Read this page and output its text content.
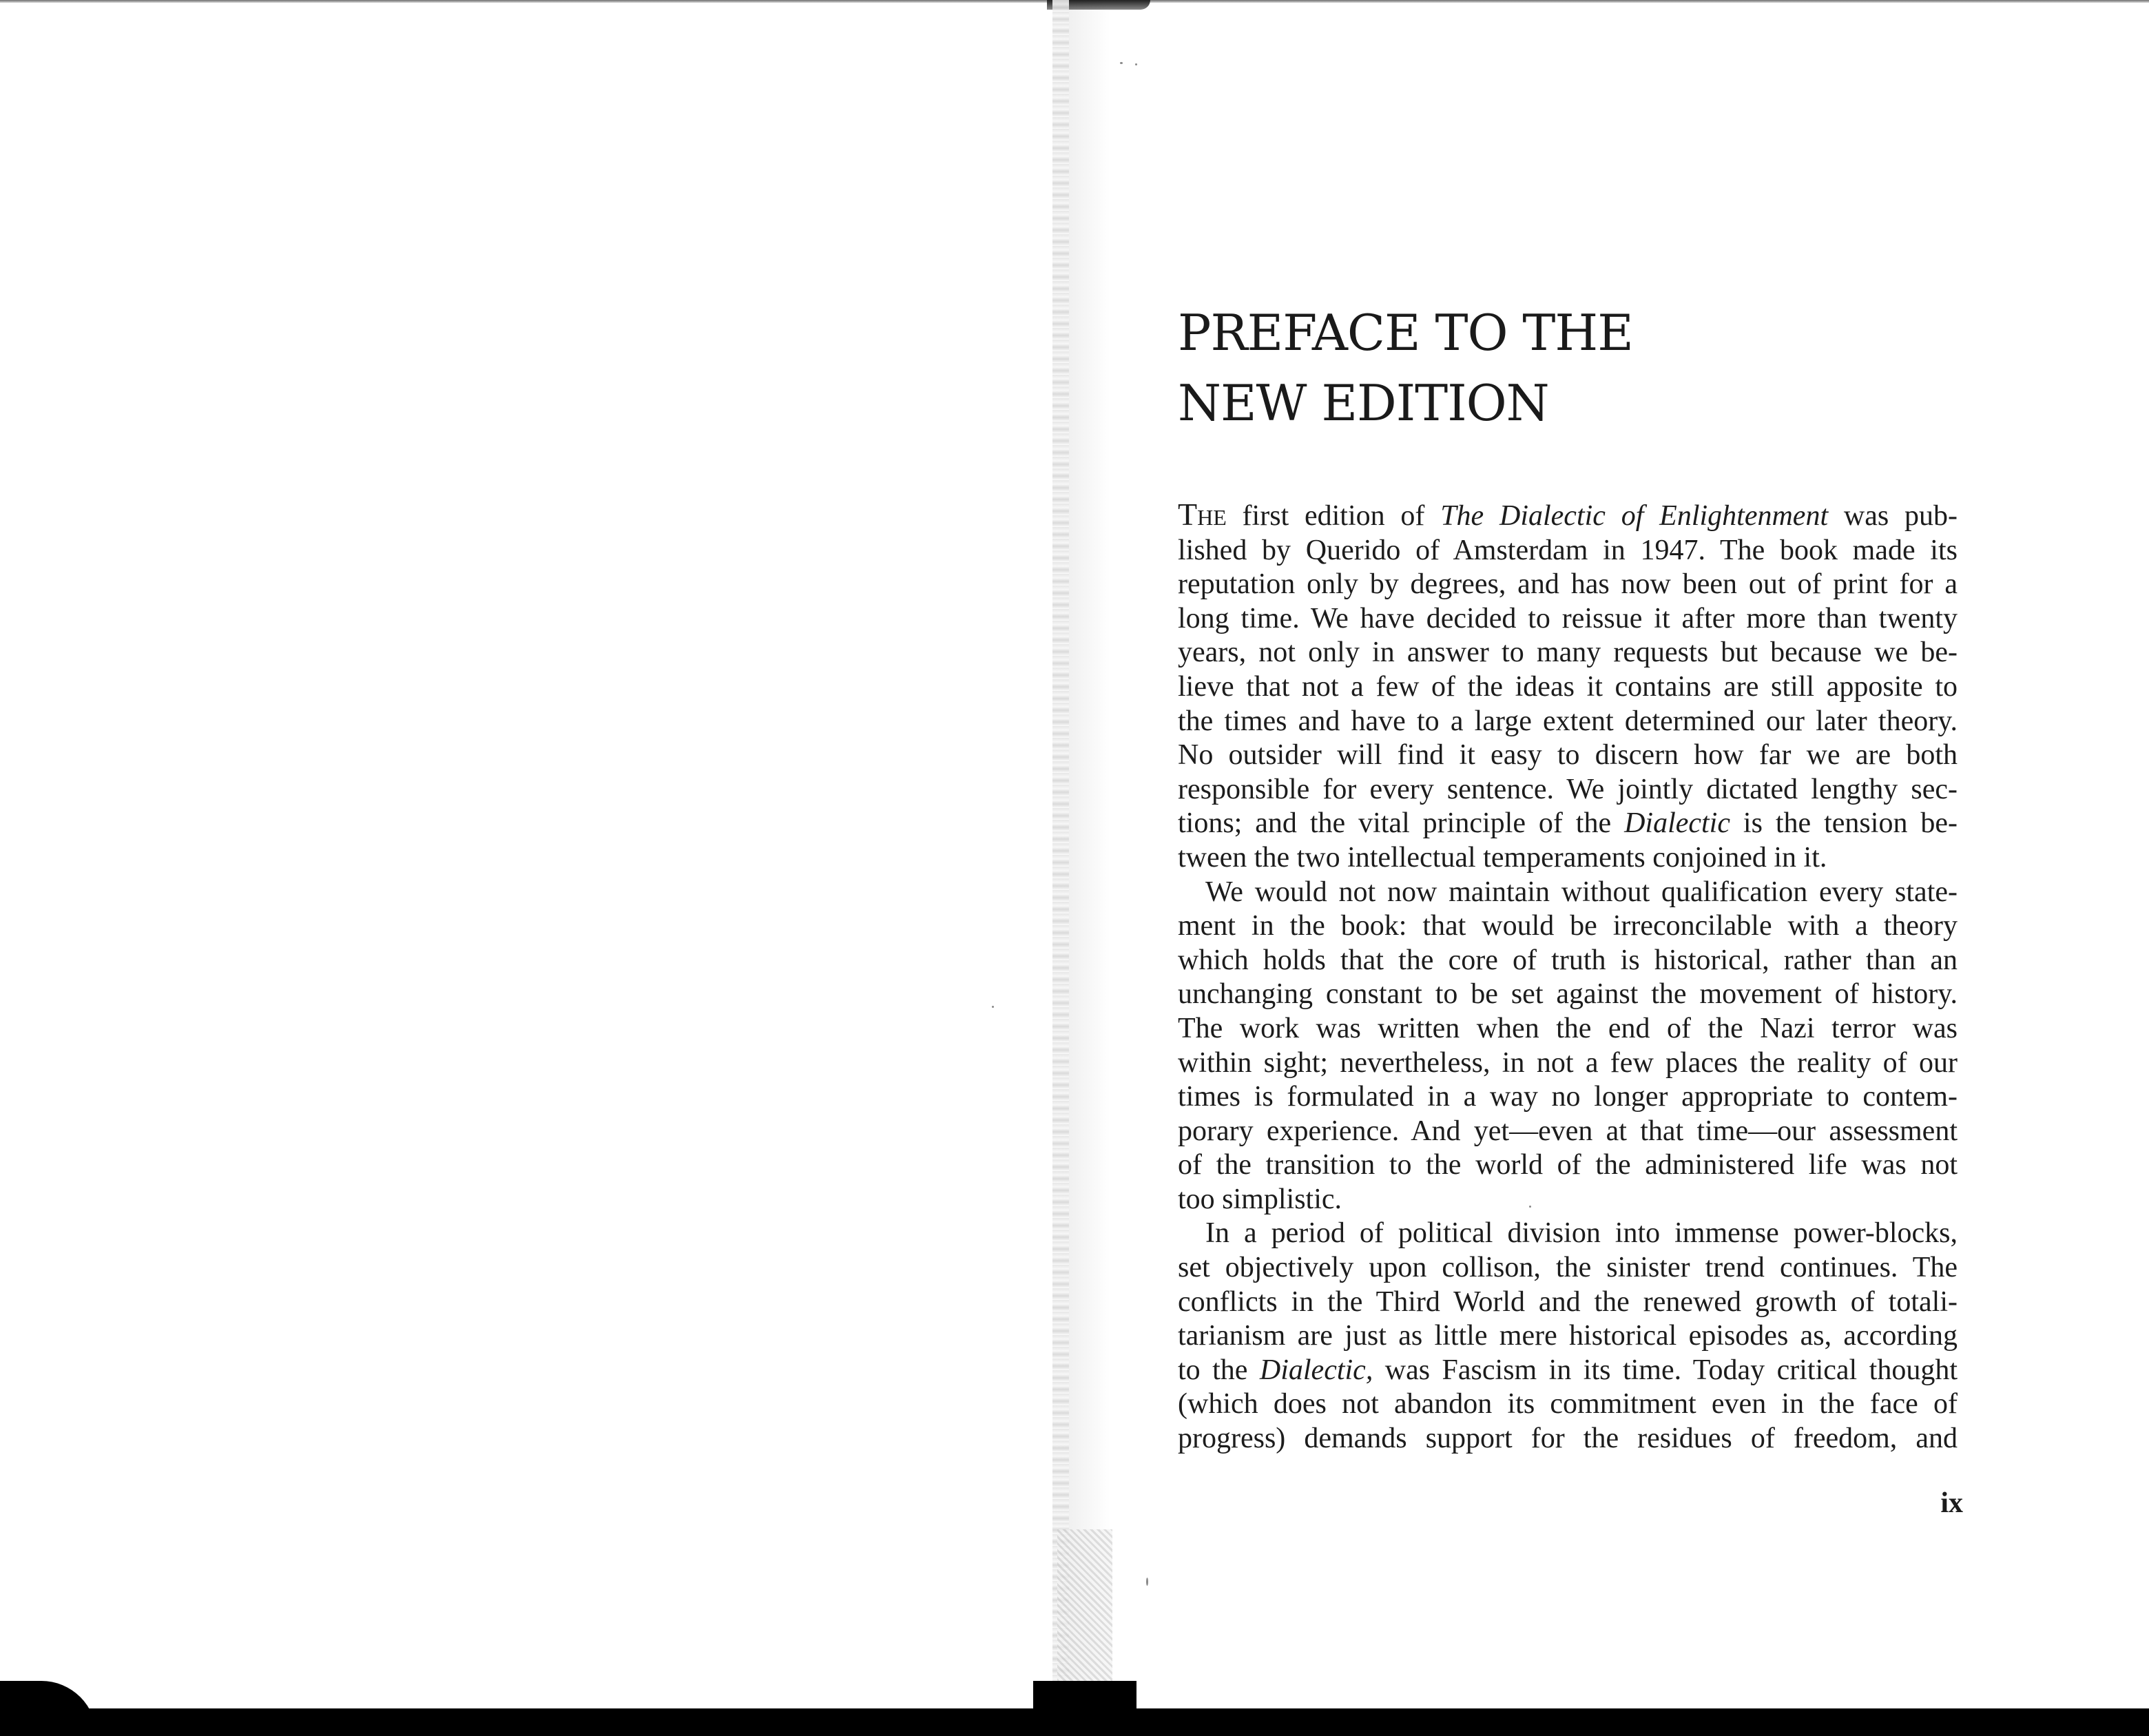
PREFACE TO THE
NEW EDITION

The first edition of The Dialectic of Enlightenment was pub-
lished by Querido of Amsterdam in 1947. The book made its
reputation only by degrees, and has now been out of print for a
long time. We have decided to reissue it after more than twenty
years, not only in answer to many requests but because we be-
lieve that not a few of the ideas it contains are still apposite to
the times and have to a large extent determined our later theory.
No outsider will find it easy to discern how far we are both
responsible for every sentence. We jointly dictated lengthy sec-
tions; and the vital principle of the Dialectic is the tension be-
tween the two intellectual temperaments conjoined in it.

We would not now maintain without qualification every state-
ment in the book: that would be irreconcilable with a theory
which holds that the core of truth is historical, rather than an
unchanging constant to be set against the movement of history.
The work was written when the end of the Nazi terror was
within sight; nevertheless, in not a few places the reality of our
times is formulated in a way no longer appropriate to contem-
porary experience. And yet—even at that time—our assessment
of the transition to the world of the administered life was not
too simplistic.

In a period of political division into immense power-blocks,
set objectively upon collison, the sinister trend continues. The
conflicts in the Third World and the renewed growth of totali-
tarianism are just as little mere historical episodes as, according
to the Dialectic, was Fascism in its time. Today critical thought
(which does not abandon its commitment even in the face of
progress) demands support for the residues of freedom, and

ix
